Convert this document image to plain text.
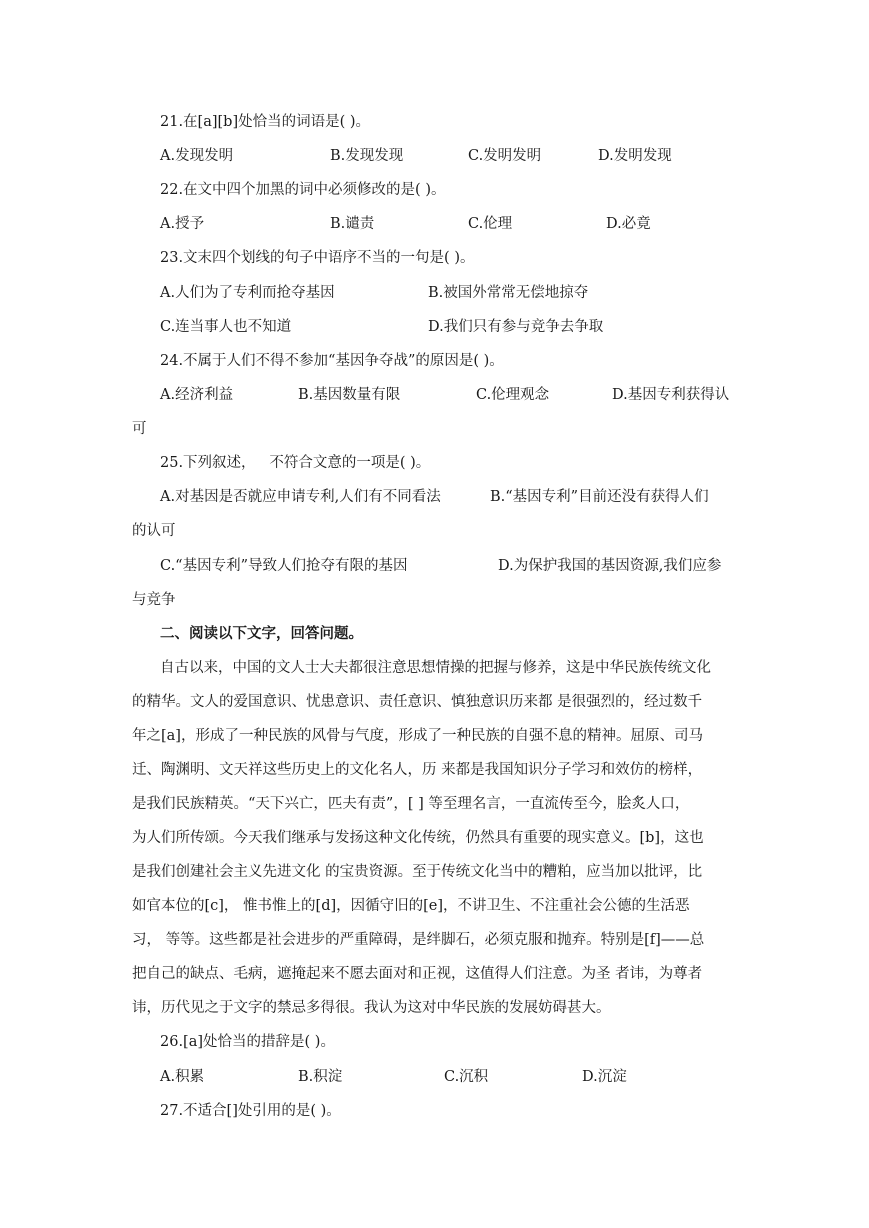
21.在[a][b]处恰当的词语是( )。
A.发现发明	B.发现发现	C.发明发明	D.发明发现
22.在文中四个加黑的词中必须修改的是( )。
A.授予	B.谴责	C.伦理	D.必竟
23.文末四个划线的句子中语序不当的一句是( )。
A.人们为了专利而抢夺基因	B.被国外常常无偿地掠夺
C.连当事人也不知道	D.我们只有参与竞争去争取
24.不属于人们不得不参加“基因争夺战”的原因是( )。
A.经济利益	B.基因数量有限	C.伦理观念	D.基因专利获得认
可
25.下列叙述，   不符合文意的一项是( )。
A.对基因是否就应申请专利,人们有不同看法	B.“基因专利”目前还没有获得人们
的认可
C.“基因专利”导致人们抢夺有限的基因	D.为保护我国的基因资源,我们应参
与竞争
二、阅读以下文字，回答问题。
自古以来，中国的文人士大夫都很注意思想情操的把握与修养，这是中华民族传统文化
的精华。文人的爱国意识、忧患意识、责任意识、慎独意识历来都 是很强烈的，经过数千
年之[a]，形成了一种民族的风骨与气度，形成了一种民族的自强不息的精神。屈原、司马
迁、陶渊明、文天祥这些历史上的文化名人，历 来都是我国知识分子学习和效仿的榜样，
是我们民族精英。“天下兴亡，匹夫有责”，[ ] 等至理名言，一直流传至今，脍炙人口，
为人们所传颂。今天我们继承与发扬这种文化传统，仍然具有重要的现实意义。[b]，这也
是我们创建社会主义先进文化 的宝贵资源。至于传统文化当中的糟粕，应当加以批评，比
如官本位的[c]， 惟书惟上的[d]，因循守旧的[e]，不讲卫生、不注重社会公德的生活恶
习， 等等。这些都是社会进步的严重障碍，是绊脚石，必须克服和抛弃。特别是[f]——总
把自己的缺点、毛病，遮掩起来不愿去面对和正视，这值得人们注意。为圣 者讳，为尊者
讳，历代见之于文字的禁忌多得很。我认为这对中华民族的发展妨碍甚大。
26.[a]处恰当的措辞是( )。
A.积累	B.积淀	C.沉积	D.沉淀
27.不适合[]处引用的是( )。
